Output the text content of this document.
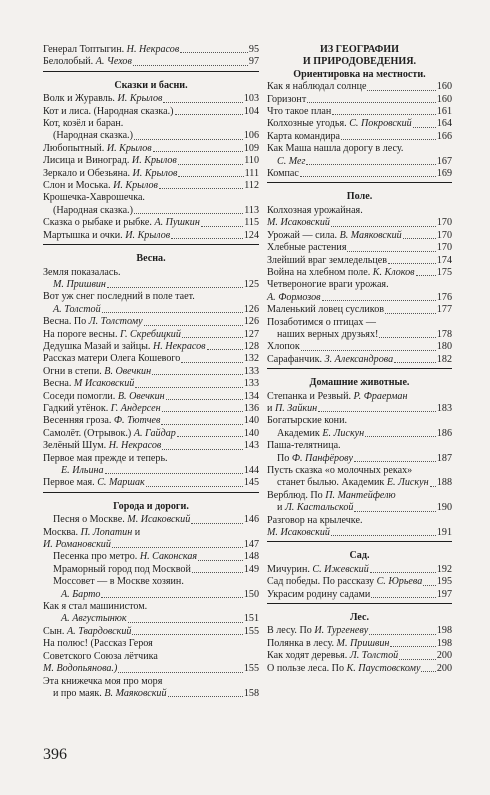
Генерал Топтыгин. Н. Некрасов	95
Белолобый. А. Чехов	97
Сказки и басни.
Волк и Журавль. И. Крылов	103
Кот и лиса. (Народная сказка.)	104
Кот, козёл и баран.
(Народная сказка.)	106
Любопытный. И. Крылов	109
Лисица и Виноград. И. Крылов	110
Зеркало и Обезьяна. И. Крылов	111
Слон и Моська. И. Крылов	112
Крошечка-Хаврошечка.
(Народная сказка.)	113
Сказка о рыбаке и рыбке. А. Пушкин	115
Мартышка и очки. И. Крылов	124
Весна.
Земля показалась.
М. Пришвин	125
Вот уж снег последний в поле тает.
А. Толстой	126
Весна. По Л. Толстому	126
На пороге весны. Г. Скребицкий	127
Дедушка Мазай и зайцы. Н. Некрасов	128
Рассказ матери Олега Кошевого	132
Огни в степи. В. Овечкин	133
Весна. М Исаковский	133
Соседи помогли. В. Овечкин	134
Гадкий утёнок. Г. Андерсен	136
Весенняя гроза. Ф. Тютчев	140
Самолёт. (Отрывок.) А. Гайдар	140
Зелёный Шум. Н. Некрасов	143
Первое мая прежде и теперь.
Е. Ильина	144
Первое мая. С. Маршак	145
Города и дороги.
Песня о Москве. М. Исаковский	146
Москва. П. Лопатин и
И. Романовский	147
Песенка про метро. Н. Саконская	148
Мраморный город под Москвой	149
Моссовет — в Москве хозяин.
А. Барто	150
Как я стал машинистом.
А. Августынюк	151
Сын. А. Твардовский	155
На полюс! (Рассказ Героя
Советского Союза лётчика
М. Водопьянова.)	155
Эта книжечка моя про моря
и про маяк. В. Маяковский	158
ИЗ ГЕОГРАФИИ
И ПРИРОДОВЕДЕНИЯ.
Ориентировка на местности.
Как я наблюдал солнце	160
Горизонт	160
Что такое план	161
Колхозные угодья. С. Покровский 164
Карта командира	166
Как Маша нашла дорогу в лесу.
С. Мег	167
Компас	169
Поле.
Колхозная урожайная.
М. Исаковский	170
Урожай — сила. В. Маяковский	170
Хлебные растения	170
Злейший враг земледельцев	174
Война на хлебном поле. К. Клоков 175
Четвероногие враги урожая.
А. Формозов	176
Маленький ловец сусликов	177
Позаботимся о птицах —
наших верных друзьях!	178
Хлопок	180
Сарафанчик. З. Александрова	182
Домашние животные.
Степанка и Резвый. Р. Фраерман
и П. Зайкин	183
Богатырские кони.
Академик Е. Лискун	186
Паша-телятница.
По Ф. Панфёрову	187
Пусть сказка «о молочных реках»
станет былью. Академик Е. Лискун 188
Верблюд. По П. Мантейфелю
и Л. Кастальской	190
Разговор на крылечке.
М. Исаковский	191
Сад.
Мичурин. С. Ижевский	192
Сад победы. По рассказу С. Юрьева 195
Украсим родину садами	197
Лес.
В лесу. По И. Тургеневу	198
Полянка в лесу. М. Пришвин	198
Как ходят деревья. Л. Толстой	200
О пользе леса. По К. Паустовскому 200
396
